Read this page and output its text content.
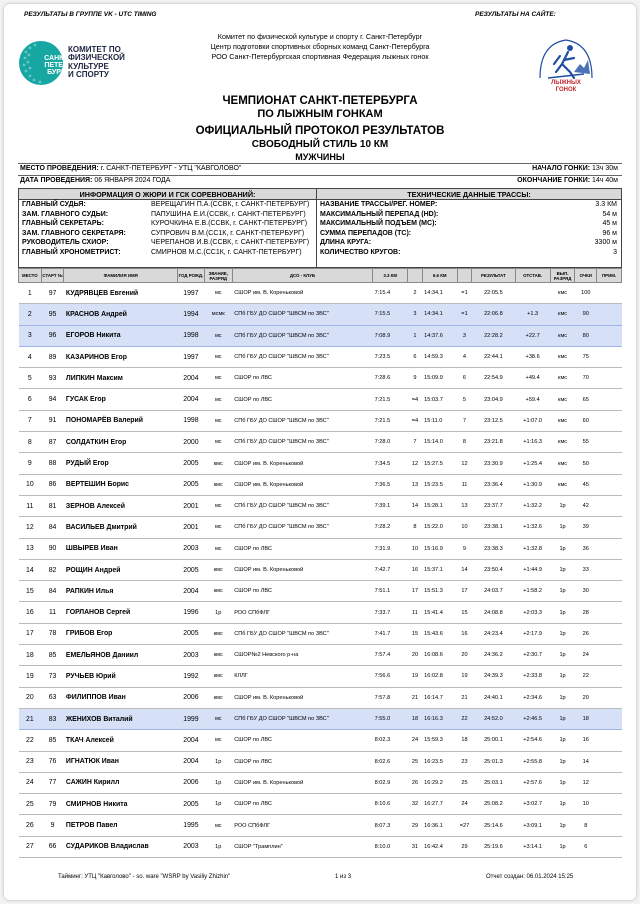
РЕЗУЛЬТАТЫ В ГРУППЕ VK - UTC TIMING	РЕЗУЛЬТАТЫ НА САЙТЕ:
САНКТ
ПЕТЕР
БУРГ
КОМИТЕТ ПО
ФИЗИЧЕСКОЙ
КУЛЬТУРЕ
И СПОРТУ
Комитет по физической культуре и спорту г. Санкт-Петербург
Центр подготовки спортивных сборных команд Санкт-Петербурга
РОО Санкт-Петербургская спортивная Федерация лыжных гонок
ЛЫЖНЫХ
ГОНОК
ЧЕМПИОНАТ САНКТ-ПЕТЕРБУРГА
ПО ЛЫЖНЫМ ГОНКАМ
ОФИЦИАЛЬНЫЙ ПРОТОКОЛ РЕЗУЛЬТАТОВ
СВОБОДНЫЙ СТИЛЬ 10 КМ
МУЖЧИНЫ
МЕСТО ПРОВЕДЕНИЯ: г. САНКТ-ПЕТЕРБУРГ - УТЦ "КАВГОЛОВО"	НАЧАЛО ГОНКИ: 13ч 30м
ДАТА ПРОВЕДЕНИЯ: 06 ЯНВАРЯ 2024 ГОДА	ОКОНЧАНИЕ ГОНКИ: 14ч 40м
ИНФОРМАЦИЯ О ЖЮРИ И ГСК СОРЕВНОВАНИЙ:
ГЛАВНЫЙ СУДЬЯ:	ВЕРЕЩАГИН П.А.(ССВК, г. САНКТ-ПЕТЕРБУРГ)
ЗАМ. ГЛАВНОГО СУДЬИ:	ПАПУШИНА Е.И.(ССВК, г. САНКТ-ПЕТЕРБУРГ)
ГЛАВНЫЙ СЕКРЕТАРЬ:	КУРОЧКИНА Е.В.(ССВК, г. САНКТ-ПЕТЕРБУРГ)
ЗАМ. ГЛАВНОГО СЕКРЕТАРЯ:	СУПРОВИЧ В.М.(СС1К, г. САНКТ-ПЕТЕРБУРГ)
РУКОВОДИТЕЛЬ СХИОР:	ЧЕРЕПАНОВ И.В.(ССВК, г. САНКТ-ПЕТЕРБУРГ)
ГЛАВНЫЙ ХРОНОМЕТРИСТ:	СМИРНОВ М.С.(СС1К, г. САНКТ-ПЕТЕРБУРГ)
ТЕХНИЧЕСКИЕ ДАННЫЕ ТРАССЫ:
НАЗВАНИЕ ТРАССЫ/РЕГ. НОМЕР:	3.3 КМ
МАКСИМАЛЬНЫЙ ПЕРЕПАД (HD):	54 м
МАКСИМАЛЬНЫЙ ПОДЪЕМ (МС):	45 м
СУММА ПЕРЕПАДОВ (ТС):	96 м
ДЛИНА КРУГА:	3300 м
КОЛИЧЕСТВО КРУГОВ:	3
МЕСТО	СТАРТ №	ФАМИЛИЯ ИМЯ	ГОД РОЖД.	ЗВАНИЕ, РАЗРЯД	ДСО - КЛУБ	3.3 КМ		6.6 КМ		РЕЗУЛЬТАТ	ОТСТАВ.	ВЫП. РАЗРЯД	ОЧКИ	ПРИМ.
1	97	КУДРЯВЦЕВ Евгений	1997	мс	СШОР им. В. Кореньковой	7:15.4	2	14:34.1	=1	22:05.5		кмс	100	
2	95	КРАСНОВ Андрей	1994	мсмк	СПб ГБУ ДО СШОР "ШВСМ по ЗВС"	7:15.5	3	14:34.1	=1	22:06.8	+1.3	кмс	90	
3	96	ЕГОРОВ Никита	1998	мс	СПб ГБУ ДО СШОР "ШВСМ по ЗВС"	7:08.9	1	14:37.6	3	22:28.2	+22.7	кмс	80	
4	89	КАЗАРИНОВ Егор	1997	мс	СПб ГБУ ДО СШОР "ШВСМ по ЗВС"	7:23.5	6	14:59.3	4	22:44.1	+38.6	кмс	75	
5	93	ЛИПКИН Максим	2004	мс	СШОР по ЛВС	7:28.6	9	15:09.9	6	22:54.9	+49.4	кмс	70	
6	94	ГУСАК Егор	2004	мс	СШОР по ЛВС	7:21.5	=4	15:03.7	5	23:04.9	+59.4	кмс	65	
7	91	ПОНОМАРЁВ Валерий	1998	мс	СПб ГБУ ДО СШОР "ШВСМ по ЗВС"	7:21.5	=4	15:11.0	7	23:12.5	+1:07.0	кмс	60	
8	87	СОЛДАТКИН Егор	2000	мс	СПб ГБУ ДО СШОР "ШВСМ по ЗВС"	7:28.0	7	15:14.0	8	23:21.8	+1:16.3	кмс	55	
9	88	РУДЫЙ Егор	2005	кмс	СШОР им. В. Кореньковой	7:34.5	12	15:27.5	12	23:30.9	+1:25.4	кмс	50	
10	86	ВЕРТЕШИН Борис	2005	кмс	СШОР им. В. Кореньковой	7:36.5	13	15:23.5	11	23:36.4	+1:30.9	кмс	45	
11	81	ЗЕРНОВ Алексей	2001	мс	СПб ГБУ ДО СШОР "ШВСМ по ЗВС"	7:39.1	14	15:28.1	13	23:37.7	+1:32.2	1р	42	
12	84	ВАСИЛЬЕВ Дмитрий	2001	мс	СПб ГБУ ДО СШОР "ШВСМ по ЗВС"	7:28.2	8	15:22.0	10	23:38.1	+1:32.6	1р	39	
13	90	ШВЫРЕВ Иван	2003	мс	СШОР по ЛВС	7:31.9	10	15:16.9	9	23:38.3	+1:32.8	1р	36	
14	82	РОЩИН Андрей	2005	кмс	СШОР им. В. Кореньковой	7:42.7	16	15:37.1	14	23:50.4	+1:44.9	1р	33	
15	84	РАПКИН Илья	2004	кмс	СШОР по ЛВС	7:51.1	17	15:51.3	17	24:03.7	+1:58.2	1р	30	
16	11	ГОРЛАНОВ Сергей	1996	1р	РОО СПбФЛГ	7:33.7	11	15:41.4	15	24:08.8	+2:03.3	1р	28	
17	78	ГРИБОВ Егор	2005	кмс	СПб ГБУ ДО СШОР "ШВСМ по ЗВС"	7:41.7	15	15:43.6	16	24:23.4	+2:17.9	1р	26	
18	85	ЕМЕЛЬЯНОВ Даниил	2003	кмс	СШОР№2 Невского р-на	7:57.4	20	16:08.6	20	24:36.2	+2:30.7	1р	24	
19	73	РУЧЬЕВ Юрий	1992	кмс	КЛЛГ	7:56.6	19	16:02.8	19	24:39.3	+2:33.8	1р	22	
20	63	ФИЛИППОВ Иван	2006	кмс	СШОР им. В. Кореньковой	7:57.8	21	16:14.7	21	24:40.1	+2:34.6	1р	20	
21	83	ЖЕНИХОВ Виталий	1999	мс	СПб ГБУ ДО СШОР "ШВСМ по ЗВС"	7:55.0	18	16:16.3	22	24:52.0	+2:46.5	1р	18	
22	85	ТКАЧ Алексей	2004	мс	СШОР по ЛВС	8:02.3	24	15:59.3	18	25:00.1	+2:54.6	1р	16	
23	76	ИГНАТЮК Иван	2004	1р	СШОР по ЛВС	8:02.6	25	16:23.5	23	25:01.3	+2:55.8	1р	14	
24	77	САЖИН Кирилл	2006	1р	СШОР им. В. Кореньковой	8:02.9	26	16:29.2	25	25:03.1	+2:57.6	1р	12	
25	79	СМИРНОВ Никита	2005	1р	СШОР по ЛВС	8:10.6	32	16:27.7	24	25:08.2	+3:02.7	1р	10	
26	9	ПЕТРОВ Павел	1995	мс	РОО СПбФЛГ	8:07.3	29	16:36.1	=27	25:14.6	+3:09.1	1р	8	
27	66	СУДАРИКОВ Владислав	2003	1р	СШОР "Трамплин"	8:10.0	31	16:42.4	29	25:19.6	+3:14.1	1р	6	
Тайминг: УТЦ "Кавголово" - so. ware "WSRP by Vasiliy Zhizhin"	1 из 3	Отчет создан: 06.01.2024 15:25
